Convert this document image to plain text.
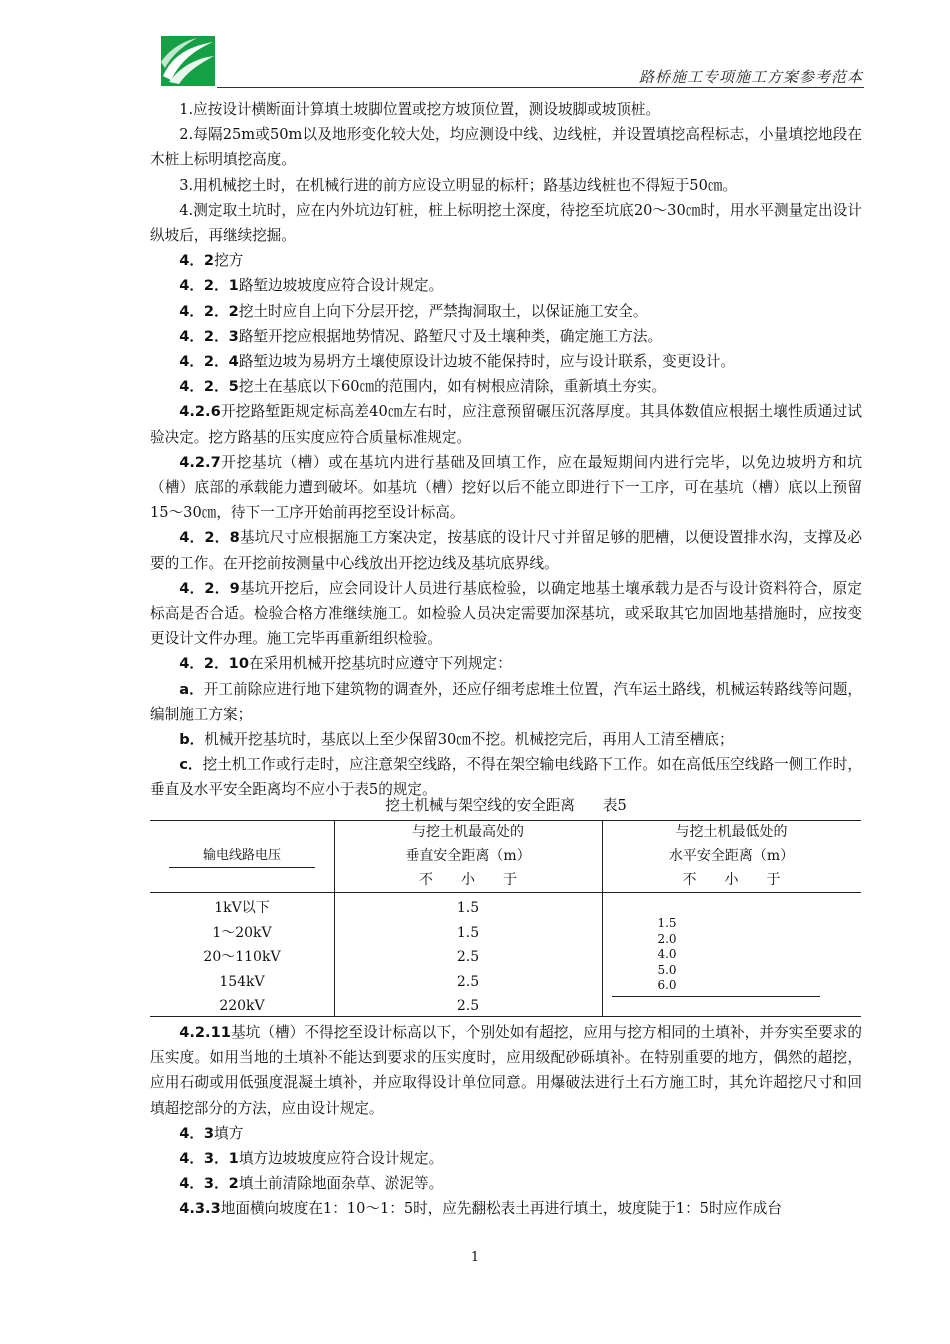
路桥施工专项施工方案参考范本

1.应按设计横断面计算填土坡脚位置或挖方坡顶位置，测设坡脚或坡顶桩。

2.每隔25m或50m以及地形变化较大处，均应测设中线、边线桩，并设置填挖高程标志，小量填挖地段在木桩上标明填挖高度。

3.用机械挖土时，在机械行进的前方应设立明显的标杆；路基边线桩也不得短于50㎝。

4.测定取土坑时，应在内外坑边钉桩，桩上标明挖土深度，待挖至坑底20～30㎝时，用水平测量定出设计纵坡后，再继续挖掘。

4．2挖方

4．2．1路堑边坡坡度应符合设计规定。

4．2．2挖土时应自上向下分层开挖，严禁掏洞取土，以保证施工安全。

4．2．3路堑开挖应根据地势情况、路堑尺寸及土壤种类，确定施工方法。

4．2．4路堑边坡为易坍方土壤使原设计边坡不能保持时，应与设计联系，变更设计。

4．2．5挖土在基底以下60㎝的范围内，如有树根应清除，重新填土夯实。

4.2.6开挖路堑距规定标高差40㎝左右时，应注意预留碾压沉落厚度。其具体数值应根据土壤性质通过试验决定。挖方路基的压实度应符合质量标准规定。

4.2.7开挖基坑（槽）或在基坑内进行基础及回填工作，应在最短期间内进行完毕，以免边坡坍方和坑（槽）底部的承载能力遭到破坏。如基坑（槽）挖好以后不能立即进行下一工序，可在基坑（槽）底以上预留15～30㎝，待下一工序开始前再挖至设计标高。

4．2．8基坑尺寸应根据施工方案决定，按基底的设计尺寸并留足够的肥槽，以便设置排水沟，支撑及必要的工作。在开挖前按测量中心线放出开挖边线及基坑底界线。

4．2．9基坑开挖后，应会同设计人员进行基底检验，以确定地基土壤承载力是否与设计资料符合，原定标高是否合适。检验合格方准继续施工。如检验人员决定需要加深基坑，或采取其它加固地基措施时，应按变更设计文件办理。施工完毕再重新组织检验。

4．2．10在采用机械开挖基坑时应遵守下列规定：

a．开工前除应进行地下建筑物的调查外，还应仔细考虑堆土位置，汽车运土路线，机械运转路线等问题，编制施工方案；

b．机械开挖基坑时，基底以上至少保留30㎝不挖。机械挖完后，再用人工清至槽底；

c．挖土机工作或行走时，应注意架空线路，不得在架空输电线路下工作。如在高低压空线路一侧工作时，垂直及水平安全距离均不应小于表5的规定。

挖土机械与架空线的安全距离 表5
输电线路电压
与挖土机最高处的
垂直安全距离（m）
不　　小　　于
与挖土机最低处的
水平安全距离（m）
不　　小　　于
1kV以下
1～20kV
20～110kV
154kV
220kV
1.5
1.5
2.5
2.5
2.5
1.5
2.0
4.0
5.0
6.0

4.2.11基坑（槽）不得挖至设计标高以下，个别处如有超挖，应用与挖方相同的土填补，并夯实至要求的压实度。如用当地的土填补不能达到要求的压实度时，应用级配砂砾填补。在特别重要的地方，偶然的超挖，应用石砌或用低强度混凝土填补，并应取得设计单位同意。用爆破法进行土石方施工时，其允许超挖尺寸和回填超挖部分的方法，应由设计规定。

4．3填方

4．3．1填方边坡坡度应符合设计规定。

4．3．2填土前清除地面杂草、淤泥等。

4.3.3地面横向坡度在1：10～1：5时，应先翻松表土再进行填土，坡度陡于1：5时应作成台

1
